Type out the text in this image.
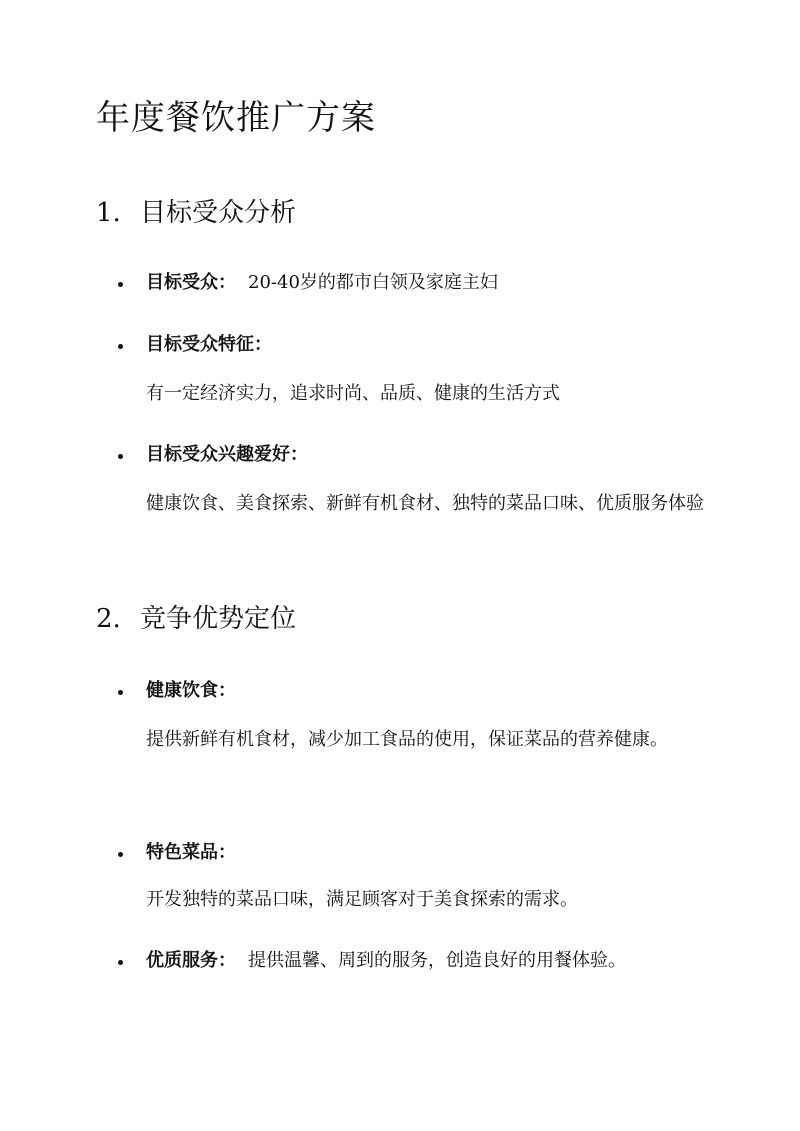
年度餐饮推广方案
1. 目标受众分析
目标受众： 20-40岁的都市白领及家庭主妇
目标受众特征：

有一定经济实力，追求时尚、品质、健康的生活方式

目标受众兴趣爱好：

健康饮食、美食探索、新鲜有机食材、独特的菜品口味、优质服务体验

2. 竞争优势定位
健康饮食：

提供新鲜有机食材，减少加工食品的使用，保证菜品的营养健康。

特色菜品：

开发独特的菜品口味，满足顾客对于美食探索的需求。

优质服务： 提供温馨、周到的服务，创造良好的用餐体验。
